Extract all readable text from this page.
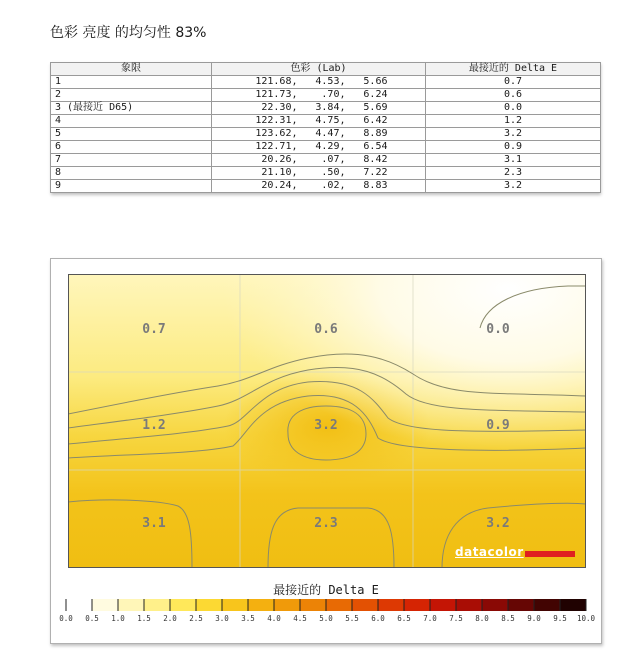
色彩 亮度 的均匀性 83%
象限	色彩 (Lab)	最接近的 Delta E
1	121.68, 4.53, 5.66	0.7
2	121.73, .70, 6.24	0.6
3 (最接近 D65)	22.30, 3.84, 5.69	0.0
4	122.31, 4.75, 6.42	1.2
5	123.62, 4.47, 8.89	3.2
6	122.71, 4.29, 6.54	0.9
7	20.26, .07, 8.42	3.1
8	21.10, .50, 7.22	2.3
9	20.24, .02, 8.83	3.2
0.7	0.6	0.0
1.2	3.2	0.9
3.1	2.3	3.2
datacolor
最接近的 Delta E
0.0 0.5 1.0 1.5 2.0 2.5 3.0 3.5 4.0 4.5 5.0 5.5 6.0 6.5 7.0 7.5 8.0 8.5 9.0 9.5 10.0
